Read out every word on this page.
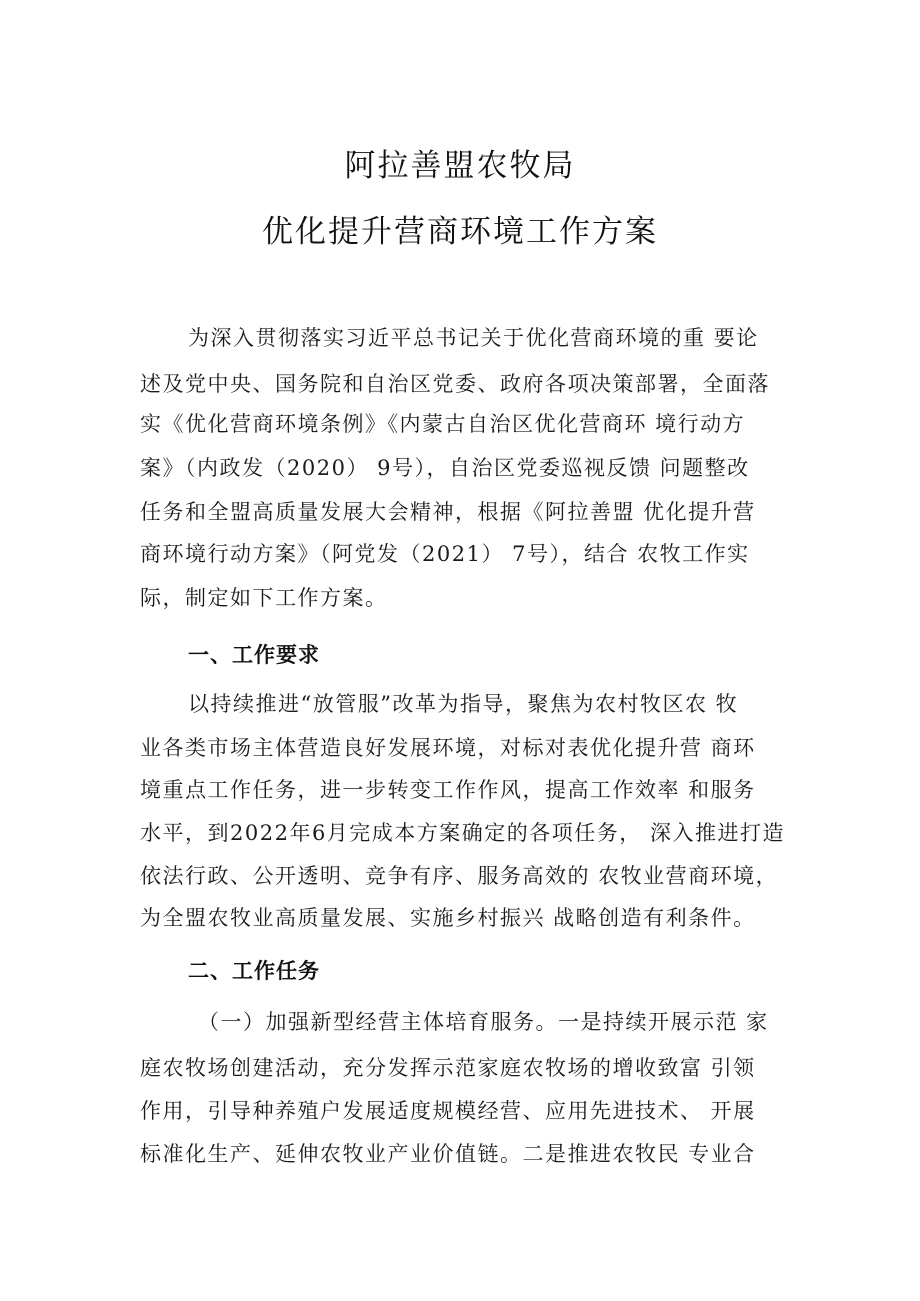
阿拉善盟农牧局
优化提升营商环境工作方案
为深入贯彻落实习近平总书记关于优化营商环境的重 要论
述及党中央、国务院和自治区党委、政府各项决策部署，全面落
实《优化营商环境条例》《内蒙古自治区优化营商环 境行动方
案》（内政发（2020） 9号），自治区党委巡视反馈 问题整改
任务和全盟高质量发展大会精神，根据《阿拉善盟 优化提升营
商环境行动方案》（阿党发（2021） 7号），结合 农牧工作实
际，制定如下工作方案。
一、工作要求
以持续推进“放管服”改革为指导，聚焦为农村牧区农 牧
业各类市场主体营造良好发展环境，对标对表优化提升营 商环
境重点工作任务，进一步转变工作作风，提高工作效率 和服务
水平，到2022年6月完成本方案确定的各项任务， 深入推进打造
依法行政、公开透明、竞争有序、服务高效的 农牧业营商环境，
为全盟农牧业高质量发展、实施乡村振兴 战略创造有利条件。
二、工作任务
（一）加强新型经营主体培育服务。一是持续开展示范 家
庭农牧场创建活动，充分发挥示范家庭农牧场的增收致富 引领
作用，引导种养殖户发展适度规模经营、应用先进技术、 开展
标准化生产、延伸农牧业产业价值链。二是推进农牧民 专业合
